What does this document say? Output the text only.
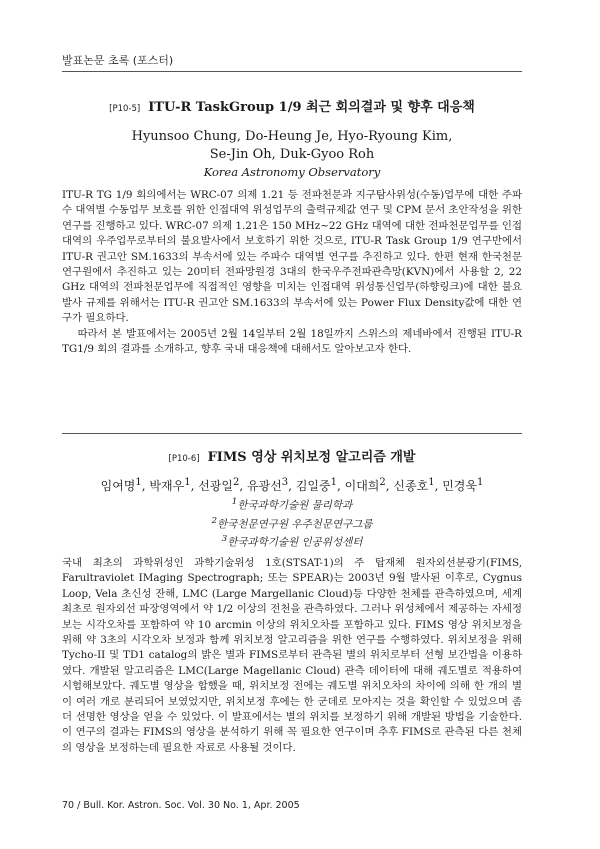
발표논문 초록 (포스터)
[P10-5] ITU-R TaskGroup 1/9 최근 회의결과 및 향후 대응책
Hyunsoo Chung, Do-Heung Je, Hyo-Ryoung Kim,
Se-Jin Oh, Duk-Gyoo Roh
Korea Astronomy Observatory

ITU-R TG 1/9 회의에서는 WRC-07 의제 1.21 등 전파천문과 지구탐사위성(수동)업무에 대한 주파수 대역별 수동업무 보호를 위한 인접대역 위성업무의 출력규제값 연구 및 CPM 문서 초안작성을 위한 연구를 진행하고 있다. WRC-07 의제 1.21은 150 MHz~22 GHz 대역에 대한 전파천문업무를 인접대역의 우주업무로부터의 불요발사에서 보호하기 위한 것으로, ITU-R Task Group 1/9 연구반에서 ITU-R 권고안 SM.1633의 부속서에 있는 주파수 대역별 연구를 추진하고 있다. 한편 현재 한국천문연구원에서 추진하고 있는 20미터 전파망원경 3대의 한국우주전파관측망(KVN)에서 사용할 2, 22 GHz 대역의 전파천문업무에 직접적인 영향을 미치는 인접대역 위성통신업무(하향링크)에 대한 불요발사 규제를 위해서는 ITU-R 권고안 SM.1633의 부속서에 있는 Power Flux Density값에 대한 연구가 필요하다.

따라서 본 발표에서는 2005년 2월 14일부터 2월 18일까지 스위스의 제네바에서 진행된 ITU-R TG1/9 회의 결과를 소개하고, 향후 국내 대응책에 대해서도 알아보고자 한다.

[P10-6] FIMS 영상 위치보정 알고리즘 개발
임여명$^1$, 박재우$^1$, 선광일$^2$, 유광선$^3$, 김일중$^1$, 이대희$^2$, 신종호$^1$, 민경욱$^1$
$^1$한국과학기술원 물리학과
$^2$한국천문연구원 우주천문연구그룹
$^3$한국과학기술원 인공위성센터

국내 최초의 과학위성인 과학기술위성 1호(STSAT-1)의 주 탑재체 원자외선분광기(FIMS, Farultraviolet IMaging Spectrograph; 또는 SPEAR)는 2003년 9월 발사된 이후로, Cygnus Loop, Vela 초신성 잔해, LMC (Large Margellanic Cloud)등 다양한 천체를 관측하였으며, 세계최초로 원자외선 파장영역에서 약 1/2 이상의 전천을 관측하였다. 그러나 위성체에서 제공하는 자세정보는 시각오차를 포함하여 약 10 arcmin 이상의 위치오차를 포함하고 있다. FIMS 영상 위치보정을 위해 약 3초의 시각오차 보정과 함께 위치보정 알고리즘을 위한 연구를 수행하였다. 위치보정을 위해 Tycho-II 및 TD1 catalog의 밝은 별과 FIMS로부터 관측된 별의 위치로부터 선형 보간법을 이용하였다. 개발된 알고리즘은 LMC(Large Magellanic Cloud) 관측 데이터에 대해 궤도별로 적용하여 시험해보았다. 궤도별 영상을 합했을 때, 위치보정 전에는 궤도별 위치오차의 차이에 의해 한 개의 별이 여러 개로 분리되어 보였었지만, 위치보정 후에는 한 군데로 모아지는 것을 확인할 수 있었으며 좀 더 선명한 영상을 얻을 수 있었다. 이 발표에서는 별의 위치를 보정하기 위해 개발된 방법을 기술한다. 이 연구의 결과는 FIMS의 영상을 분석하기 위해 꼭 필요한 연구이며 추후 FIMS로 관측된 다른 천체의 영상을 보정하는데 필요한 자료로 사용될 것이다.

70 / Bull. Kor. Astron. Soc. Vol. 30 No. 1, Apr. 2005
